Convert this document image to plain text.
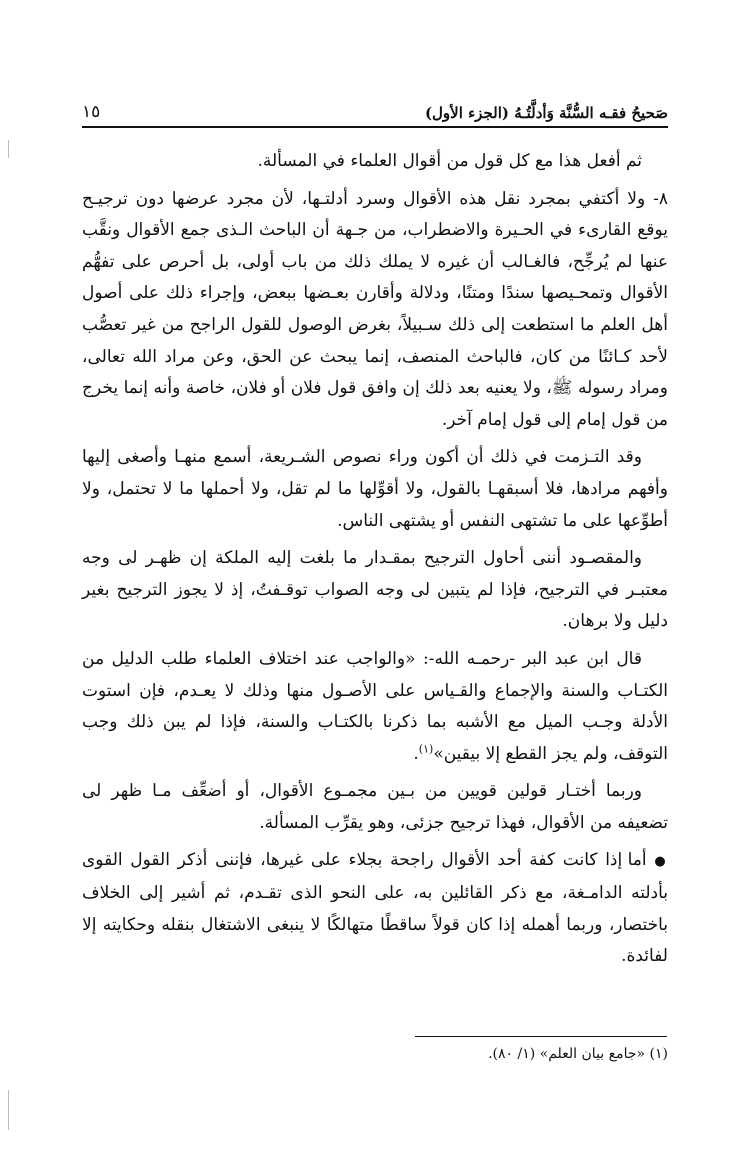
١٥	صَحيحُ فقـه السُّنَّة وَأدلَّتُـهُ (الجزء الأول)

ثم أفعل هذا مع كل قول من أقوال العلماء في المسألة.

٨- ولا أكتفي بمجرد نقل هذه الأقوال وسرد أدلتـها، لأن مجرد عرضها دون ترجيـح يوقع القارىء في الحـيرة والاضطراب، من جـهة أن الباحث الـذى جمع الأقوال ونقَّب عنها لم يُرجِّح، فالغـالب أن غيره لا يملك ذلك من باب أولى، بل أحرص على تفهُّم الأقوال وتمحـيصها سندًا ومتنًا، ودلالة وأقارن بعـضها ببعض، وإجراء ذلك على أصول أهل العلم ما استطعت إلى ذلك سـبيلاً، بغرض الوصول للقول الراجح من غير تعصُّب لأحد كـائنًا من كان، فالباحث المنصف، إنما يبحث عن الحق، وعن مراد الله تعالى، ومراد رسوله ﷺ، ولا يعنيه بعد ذلك إن وافق قول فلان أو فلان، خاصة وأنه إنما يخرج من قول إمام إلى قول إمام آخر.

وقد التـزمت في ذلك أن أكون وراء نصوص الشـريعة، أسمع منهـا وأصغى إليها وأفهم مرادها، فلا أسبقهـا بالقول، ولا أقوِّلها ما لم تقل، ولا أحملها ما لا تحتمل، ولا أطوِّعها على ما تشتهى النفس أو يشتهى الناس.

والمقصـود أننى أحاول الترجيح بمقـدار ما بلغت إليه الملكة إن ظهـر لى وجه معتبـر في الترجيح، فإذا لم يتبين لى وجه الصواب توقـفتُ، إذ لا يجوز الترجيح بغير دليل ولا برهان.

قال ابن عبد البر -رحمـه الله-: «والواجب عند اختلاف العلماء طلب الدليل من الكتـاب والسنة والإجماع والقـياس على الأصـول منها وذلك لا يعـدم، فإن استوت الأدلة وجـب الميل مع الأشبه بما ذكرنا بالكتـاب والسنة، فإذا لم يبن ذلك وجب التوقف، ولم يجز القطع إلا بيقين»$^{(١)}$.

وربما أختـار قولين قويين من بـين مجمـوع الأقوال، أو أضعِّف مـا ظهر لى تضعيفه من الأقوال، فهذا ترجيح جزئى، وهو يقرِّب المسألة.

● أما إذا كانت كفة أحد الأقوال راجحة بجلاء على غيرها، فإننى أذكر القول القوى بأدلته الدامـغة، مع ذكر القائلين به، على النحو الذى تقـدم، ثم أشير إلى الخلاف باختصار، وربما أهمله إذا كان قولاً ساقطًا متهالكًا لا ينبغى الاشتغال بنقله وحكايته إلا لفائدة.

(١) «جامع بيان العلم» (١/ ٨٠).
